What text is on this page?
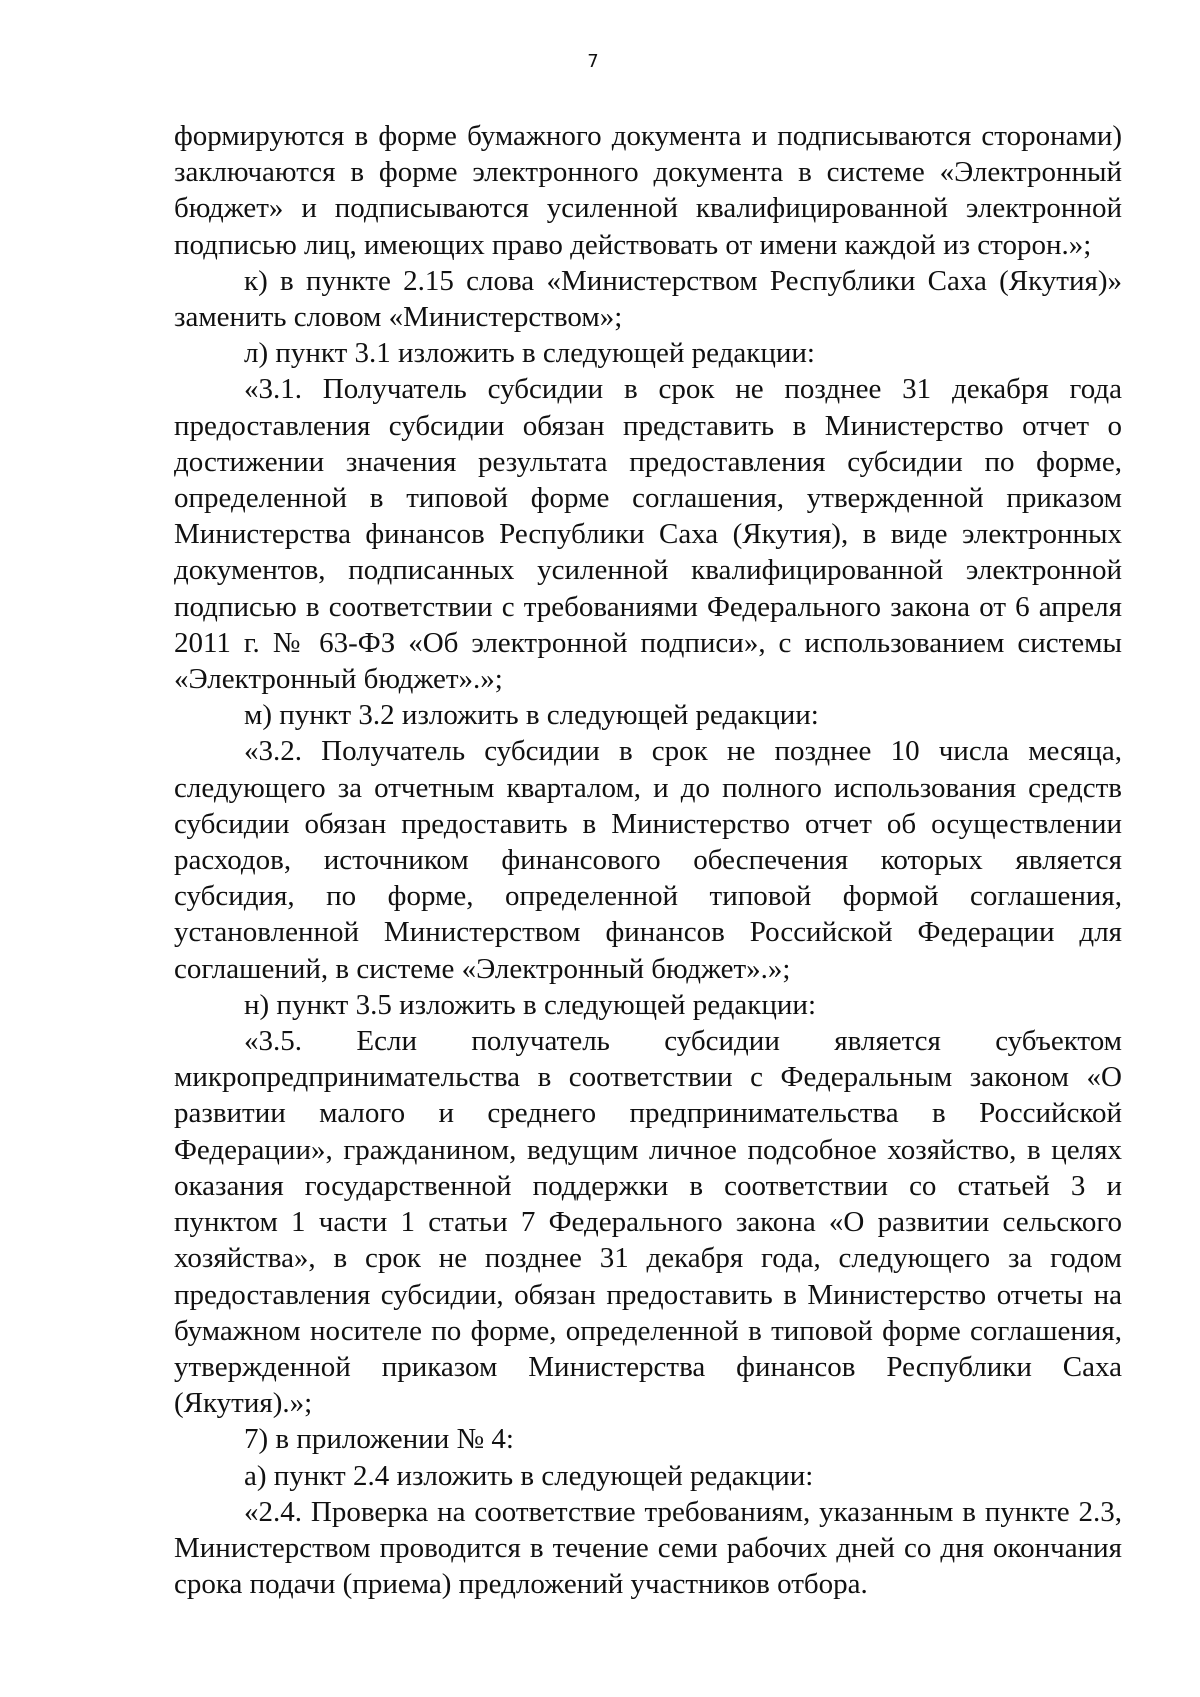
7

формируются в форме бумажного документа и подписываются сторонами) заключаются в форме электронного документа в системе «Электронный бюджет» и подписываются усиленной квалифицированной электронной подписью лиц, имеющих право действовать от имени каждой из сторон.»;

к) в пункте 2.15 слова «Министерством Республики Саха (Якутия)» заменить словом «Министерством»;

л) пункт 3.1 изложить в следующей редакции:

«3.1. Получатель субсидии в срок не позднее 31 декабря года предоставления субсидии обязан представить в Министерство отчет о достижении значения результата предоставления субсидии по форме, определенной в типовой форме соглашения, утвержденной приказом Министерства финансов Республики Саха (Якутия), в виде электронных документов, подписанных усиленной квалифицированной электронной подписью в соответствии с требованиями Федерального закона от 6 апреля 2011 г. № 63-ФЗ «Об электронной подписи», с использованием системы «Электронный бюджет».»;

м) пункт 3.2 изложить в следующей редакции:

«3.2. Получатель субсидии в срок не позднее 10 числа месяца, следующего за отчетным кварталом, и до полного использования средств субсидии обязан предоставить в Министерство отчет об осуществлении расходов, источником финансового обеспечения которых является субсидия, по форме, определенной типовой формой соглашения, установленной Министерством финансов Российской Федерации для соглашений, в системе «Электронный бюджет».»;

н) пункт 3.5 изложить в следующей редакции:

«3.5. Если получатель субсидии является субъектом микропредпринимательства в соответствии с Федеральным законом «О развитии малого и среднего предпринимательства в Российской Федерации», гражданином, ведущим личное подсобное хозяйство, в целях оказания государственной поддержки в соответствии со статьей 3 и пунктом 1 части 1 статьи 7 Федерального закона «О развитии сельского хозяйства», в срок не позднее 31 декабря года, следующего за годом предоставления субсидии, обязан предоставить в Министерство отчеты на бумажном носителе по форме, определенной в типовой форме соглашения, утвержденной приказом Министерства финансов Республики Саха (Якутия).»;

7) в приложении № 4:

а) пункт 2.4 изложить в следующей редакции:

«2.4. Проверка на соответствие требованиям, указанным в пункте 2.3, Министерством проводится в течение семи рабочих дней со дня окончания срока подачи (приема) предложений участников отбора.
